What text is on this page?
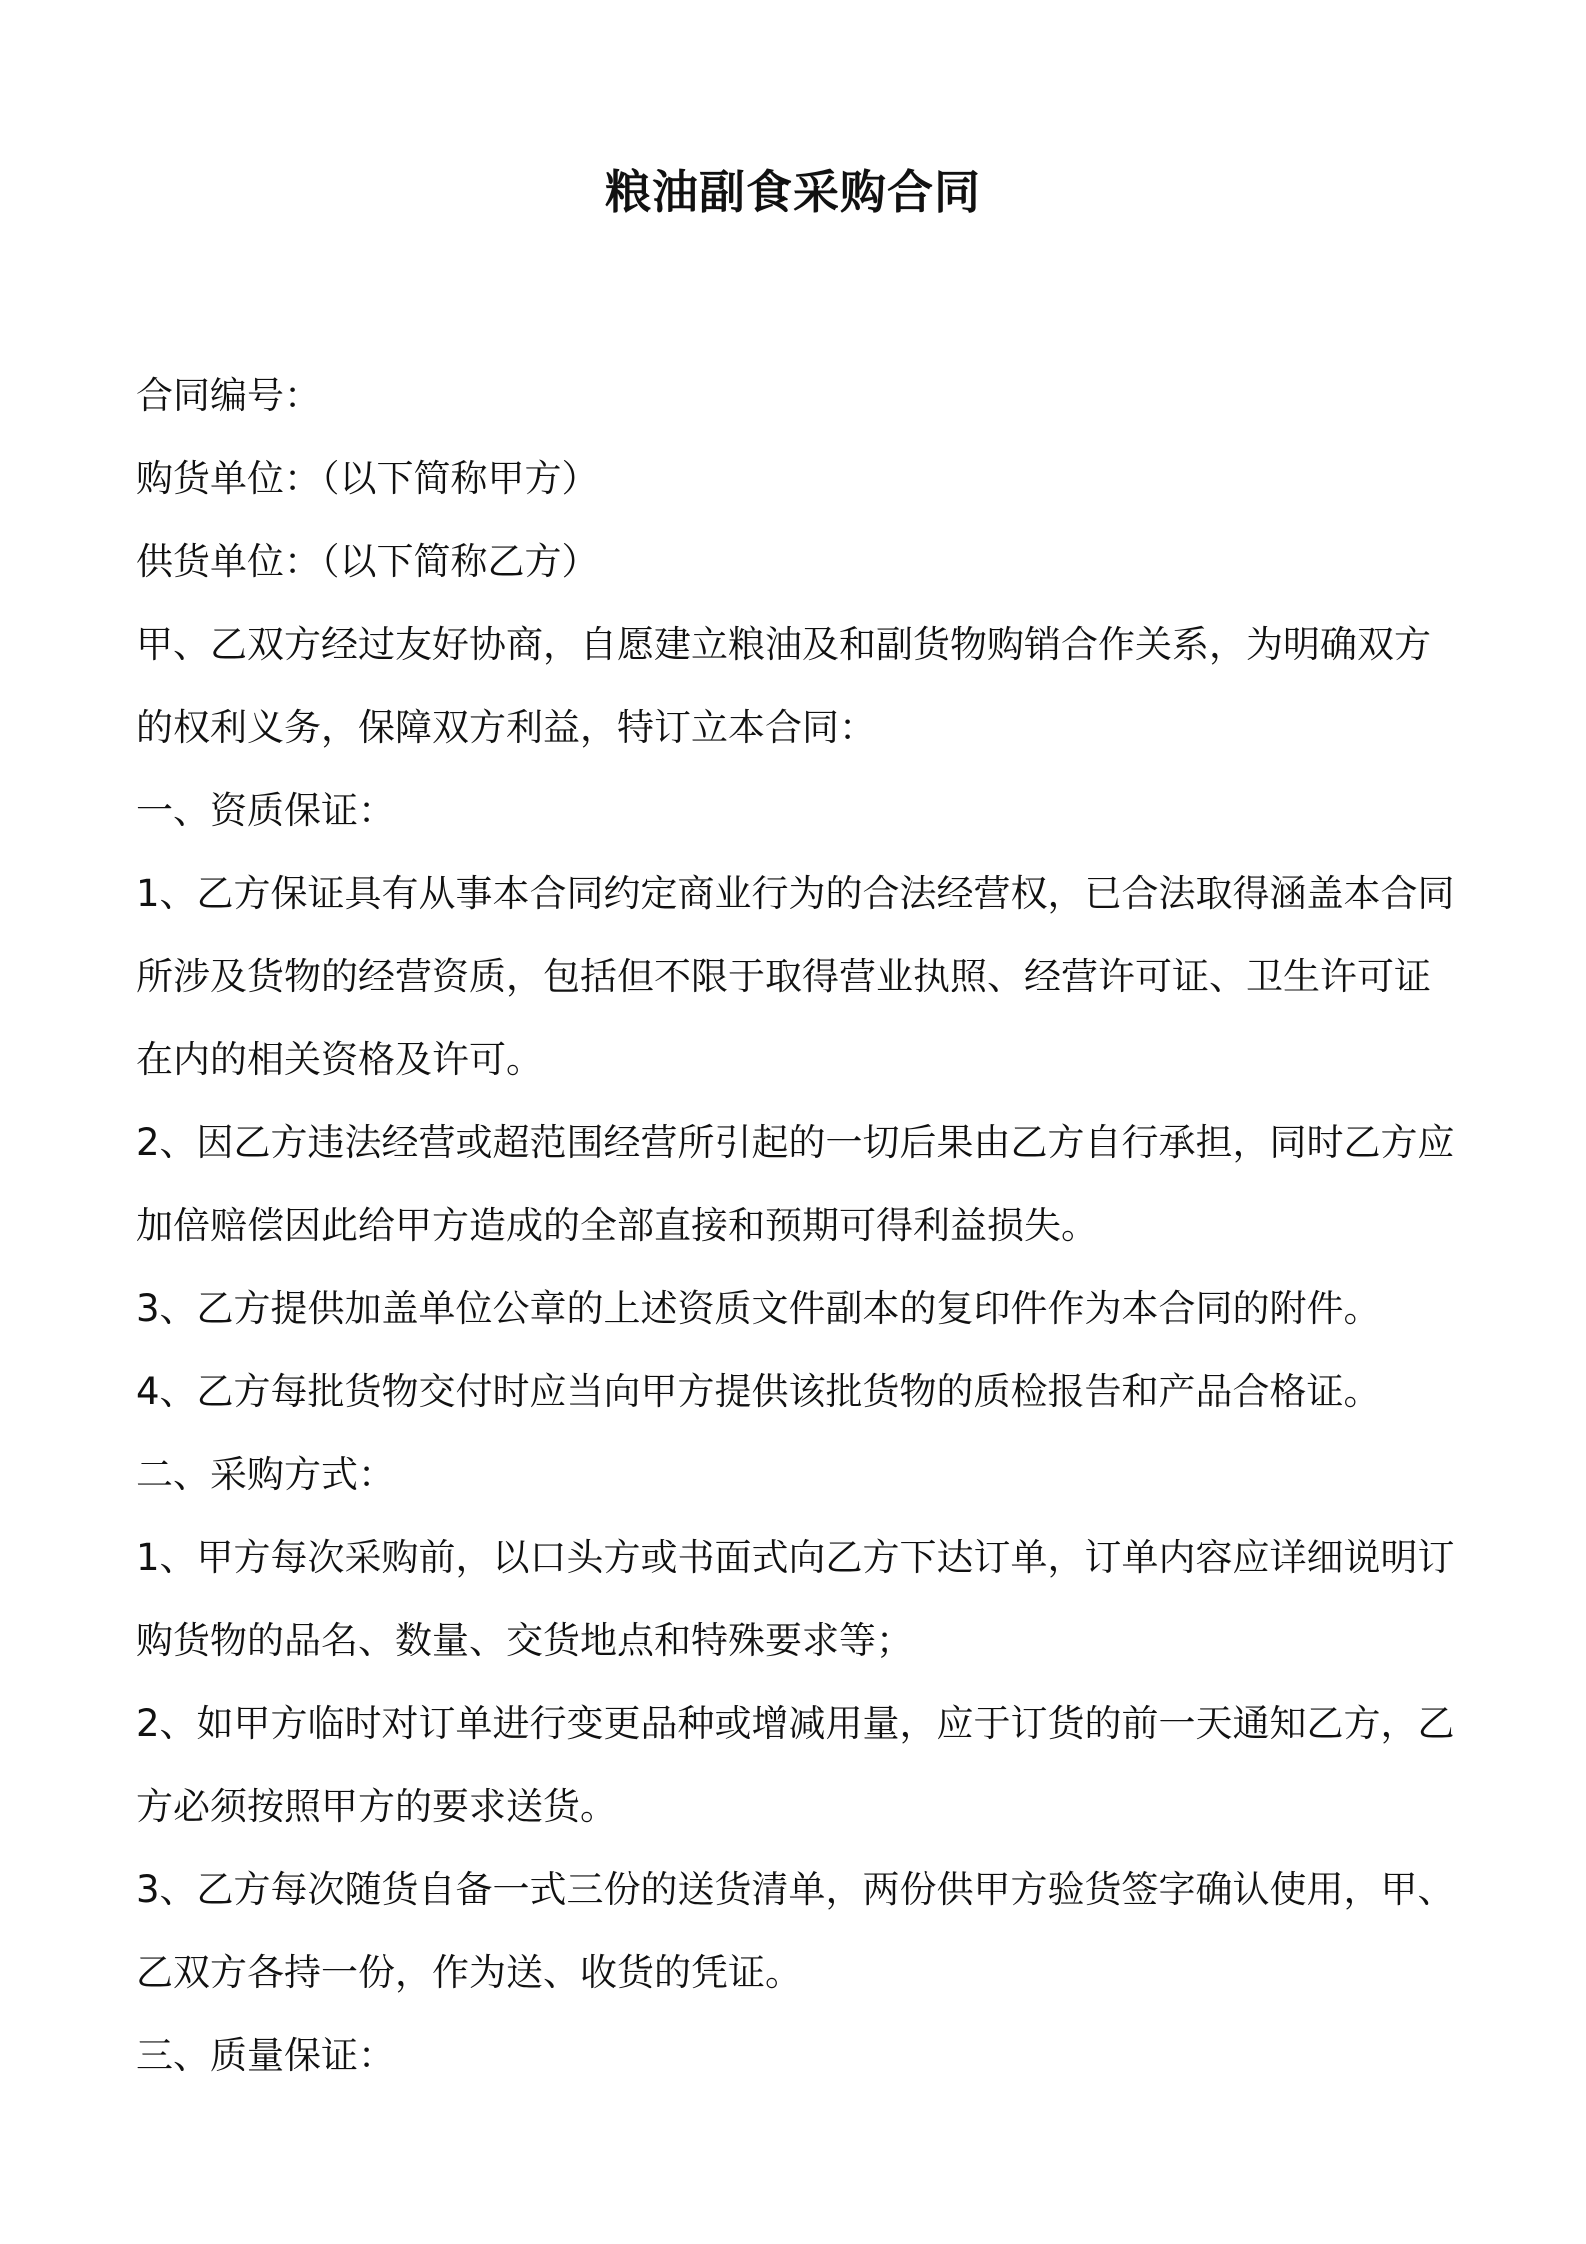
粮油副食采购合同

合同编号：

购货单位：（以下简称甲方）

供货单位：（以下简称乙方）

甲、乙双方经过友好协商，自愿建立粮油及和副货物购销合作关系，为明确双方的权利义务，保障双方利益，特订立本合同：

一、资质保证：

1、乙方保证具有从事本合同约定商业行为的合法经营权，已合法取得涵盖本合同所涉及货物的经营资质，包括但不限于取得营业执照、经营许可证、卫生许可证在内的相关资格及许可。

2、因乙方违法经营或超范围经营所引起的一切后果由乙方自行承担，同时乙方应加倍赔偿因此给甲方造成的全部直接和预期可得利益损失。

3、乙方提供加盖单位公章的上述资质文件副本的复印件作为本合同的附件。

4、乙方每批货物交付时应当向甲方提供该批货物的质检报告和产品合格证。

二、采购方式：

1、甲方每次采购前，以口头方或书面式向乙方下达订单，订单内容应详细说明订购货物的品名、数量、交货地点和特殊要求等；

2、如甲方临时对订单进行变更品种或增减用量，应于订货的前一天通知乙方，乙方必须按照甲方的要求送货。

3、乙方每次随货自备一式三份的送货清单，两份供甲方验货签字确认使用，甲、乙双方各持一份，作为送、收货的凭证。

三、质量保证：
